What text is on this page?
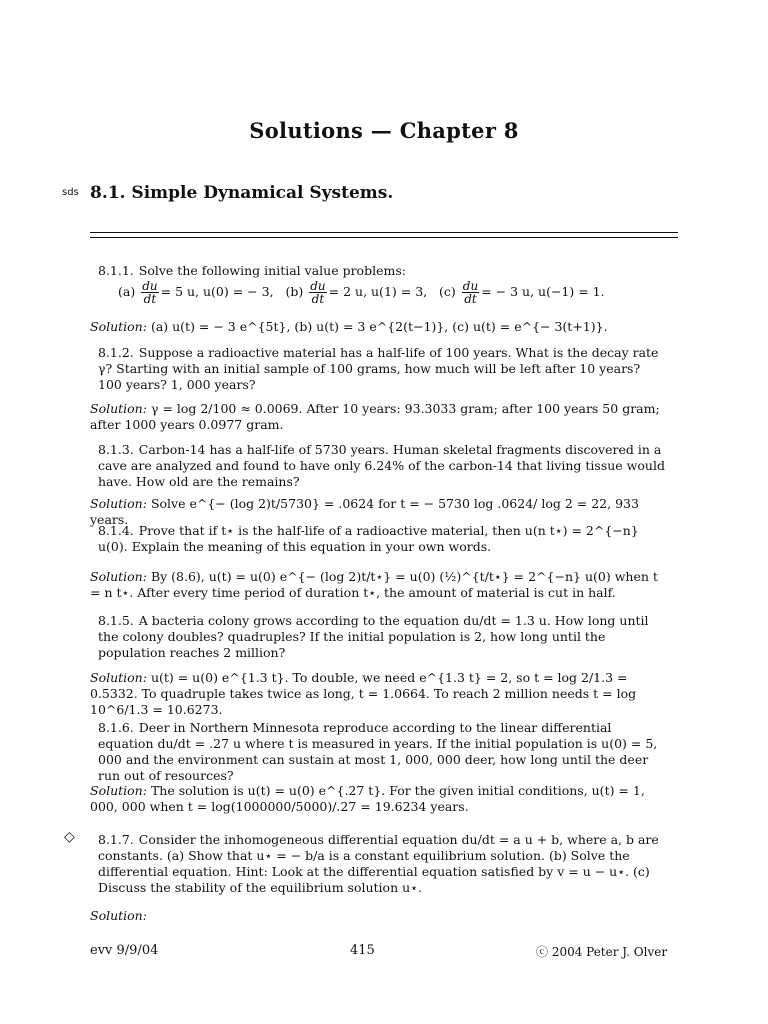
Solutions — Chapter 8
sds 8.1. Simple Dynamical Systems.
8.1.1. Solve the following initial value problems:
$(a) \frac{du}{dt} = 5$ u, u(0) = − 3, $(b) \frac{du}{dt} = 2$ u, u(1) = 3, $(c) \frac{du}{dt}$ = − 3 u, u(−1) = 1.
Solution: (a) u(t) = − 3 e^{5t}, (b) u(t) = 3 e^{2(t−1)}, (c) u(t) = e^{− 3(t+1)}.
8.1.2. Suppose a radioactive material has a half-life of 100 years. What is the decay rate γ? Starting with an initial sample of 100 grams, how much will be left after 10 years? 100 years? 1, 000 years?
Solution: γ = log 2/100 ≈ 0.0069. After 10 years: 93.3033 gram; after 100 years 50 gram; after 1000 years 0.0977 gram.
8.1.3. Carbon-14 has a half-life of 5730 years. Human skeletal fragments discovered in a cave are analyzed and found to have only 6.24% of the carbon-14 that living tissue would have. How old are the remains?
Solution: Solve e^{− (log 2)t/5730} = .0624 for t = − 5730 log .0624/ log 2 = 22, 933 years.
8.1.4. Prove that if t⋆ is the half-life of a radioactive material, then u(n t⋆) = 2^{−n} u(0). Explain the meaning of this equation in your own words.
Solution: By (8.6), u(t) = u(0) e^{− (log 2)t/t⋆} = u(0) (½)^{t/t⋆} = 2^{−n} u(0) when t = n t⋆. After every time period of duration t⋆, the amount of material is cut in half.
8.1.5. A bacteria colony grows according to the equation du/dt = 1.3 u. How long until the colony doubles? quadruples? If the initial population is 2, how long until the population reaches 2 million?
Solution: u(t) = u(0) e^{1.3 t}. To double, we need e^{1.3 t} = 2, so t = log 2/1.3 = 0.5332. To quadruple takes twice as long, t = 1.0664. To reach 2 million needs t = log 10^6/1.3 = 10.6273.
8.1.6. Deer in Northern Minnesota reproduce according to the linear differential equation du/dt = .27 u where t is measured in years. If the initial population is u(0) = 5, 000 and the environment can sustain at most 1, 000, 000 deer, how long until the deer run out of resources?
Solution: The solution is u(t) = u(0) e^{.27 t}. For the given initial conditions, u(t) = 1, 000, 000 when t = log(1000000/5000)/.27 = 19.6234 years.
◇ 8.1.7. Consider the inhomogeneous differential equation du/dt = a u + b, where a, b are constants. (a) Show that u⋆ = − b/a is a constant equilibrium solution. (b) Solve the differential equation. Hint: Look at the differential equation satisfied by v = u − u⋆. (c) Discuss the stability of the equilibrium solution u⋆.
Solution:
evv 9/9/04	415	ⓒ 2004 Peter J. Olver
